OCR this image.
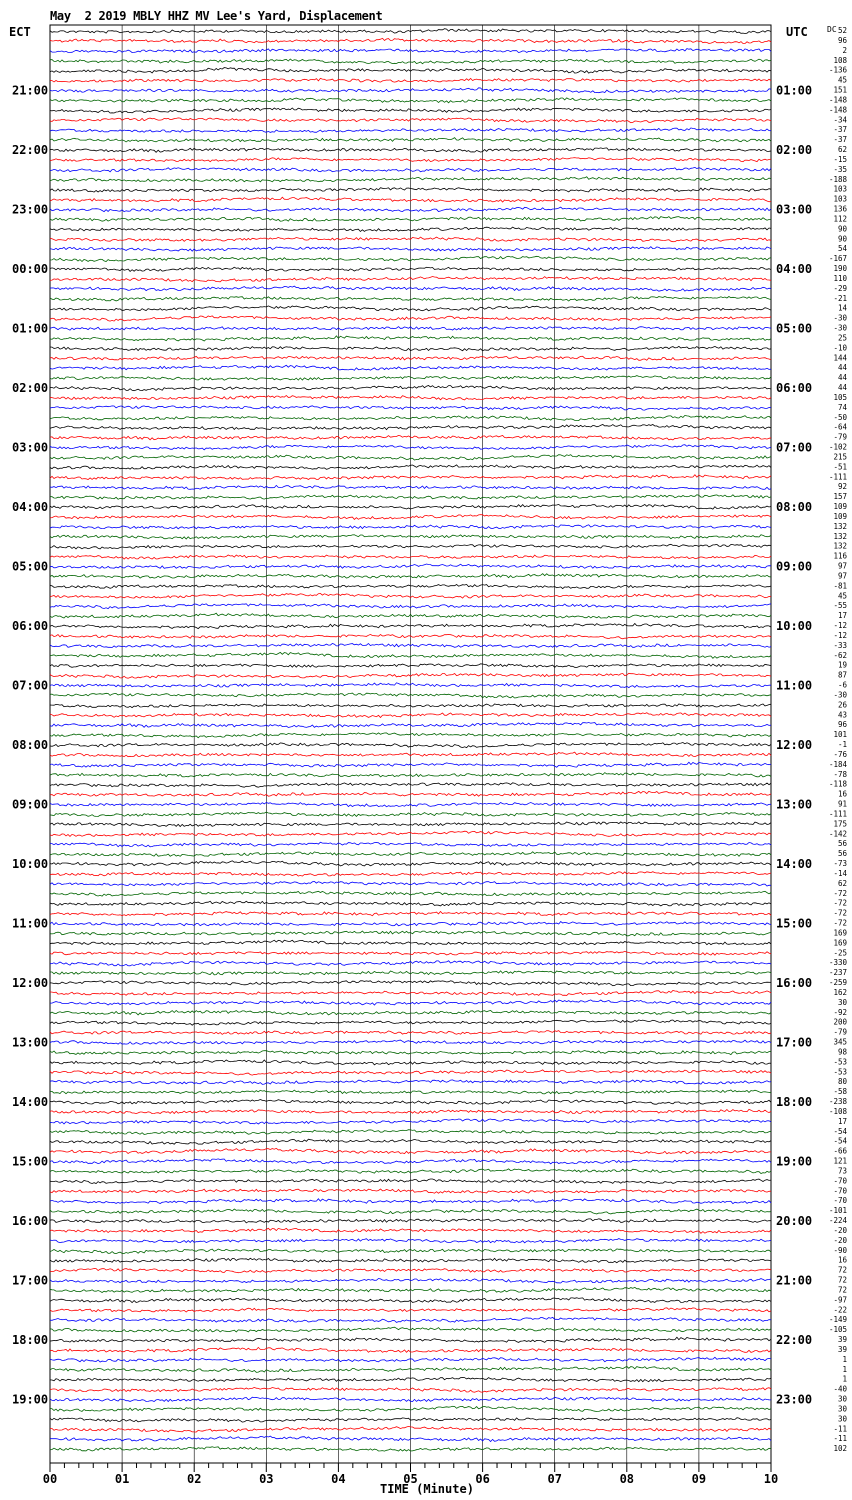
May  2 2019 MBLY HHZ MV Lee's Yard, Displacement
ECT	UTC DC
TIME (Minute)
00	01	02	03	04	05	06	07	08	09	10
52
96
2
108
-136
45
151
-148
-148
-34
-37
-37
62
-15
-35
-188
103
103
136
112
90
90
54
-167
190
110
-29
-21
14
-30
-30
25
-10
144
44
44
44
105
74
-50
-64
-79
-102
215
-51
-111
92
157
109
109
132
132
132
116
97
97
-81
45
-55
17
-12
-12
-33
-62
19
87
-6
-30
26
43
96
101
-1
-76
-184
-78
-118
16
91
-111
175
-142
56
56
-73
-14
62
-72
-72
-72
-72
169
169
-25
-330
-237
-259
162
30
-92
200
-79
345
98
-53
-53
80
-58
-238
-108
17
-54
-54
-66
121
73
-70
-70
-70
-101
-224
-20
-20
-90
16
72
72
72
-97
-22
-149
-105
39
39
1
1
1
-40
30
30
30
-11
-11
102
21:00
22:00
23:00
00:00
01:00
02:00
03:00
04:00
05:00
06:00
07:00
08:00
09:00
10:00
11:00
12:00
13:00
14:00
15:00
16:00
17:00
18:00
19:00
01:00
02:00
03:00
04:00
05:00
06:00
07:00
08:00
09:00
10:00
11:00
12:00
13:00
14:00
15:00
16:00
17:00
18:00
19:00
20:00
21:00
22:00
23:00
